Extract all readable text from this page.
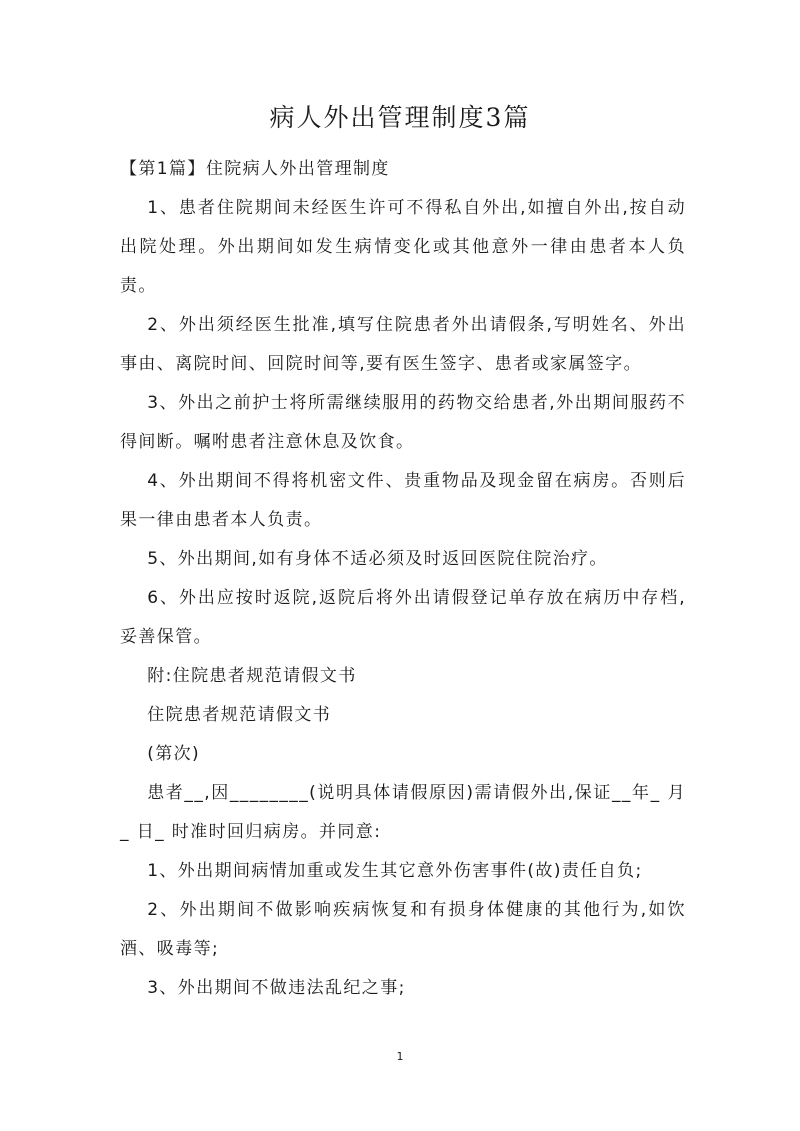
病人外出管理制度3篇

【第1篇】住院病人外出管理制度

1、患者住院期间未经医生许可不得私自外出,如擅自外出,按自动出院处理。外出期间如发生病情变化或其他意外一律由患者本人负责。

2、外出须经医生批准,填写住院患者外出请假条,写明姓名、外出事由、离院时间、回院时间等,要有医生签字、患者或家属签字。

3、外出之前护士将所需继续服用的药物交给患者,外出期间服药不得间断。嘱咐患者注意休息及饮食。

4、外出期间不得将机密文件、贵重物品及现金留在病房。否则后果一律由患者本人负责。

5、外出期间,如有身体不适必须及时返回医院住院治疗。

6、外出应按时返院,返院后将外出请假登记单存放在病历中存档,妥善保管。

附:住院患者规范请假文书

住院患者规范请假文书

(第次)

患者__,因________(说明具体请假原因)需请假外出,保证__年_ 月_ 日_ 时准时回归病房。并同意:

1、外出期间病情加重或发生其它意外伤害事件(故)责任自负;

2、外出期间不做影响疾病恢复和有损身体健康的其他行为,如饮酒、吸毒等;

3、外出期间不做违法乱纪之事;

1
